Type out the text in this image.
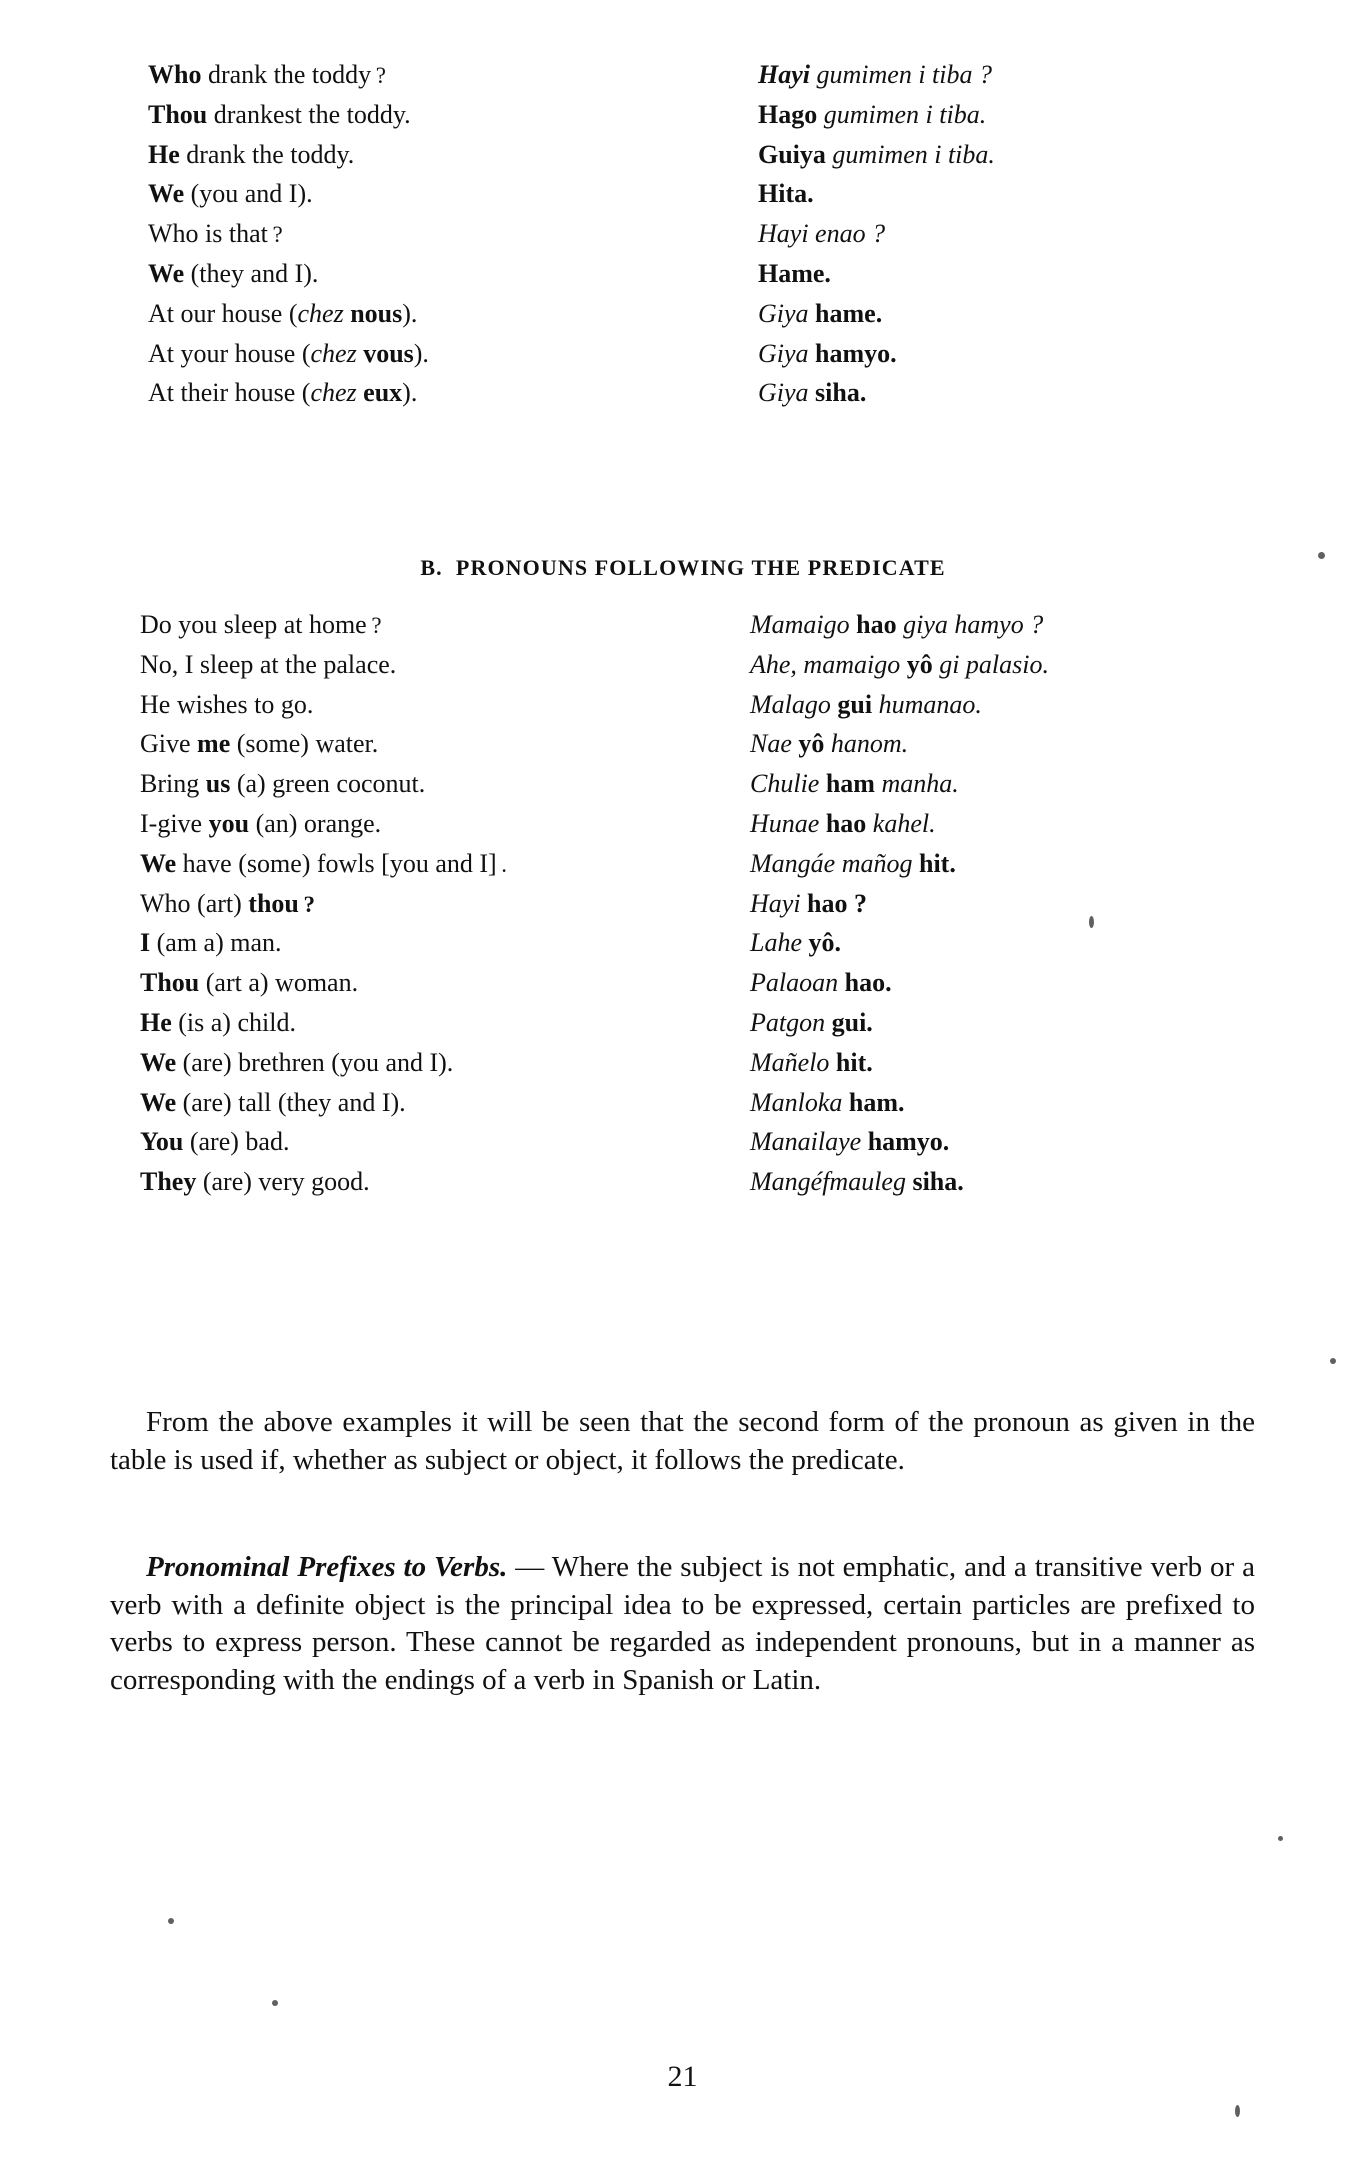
Who drank the toddy ?	Hayi gumimen i tiba ?
Thou drankest the toddy.	Hago gumimen i tiba.
He drank the toddy.	Guiya gumimen i tiba.
We (you and I).	Hita.
Who is that ?	Hayi enao ?
We (they and I).	Hame.
At our house (chez nous).	Giya hame.
At your house (chez vous).	Giya hamyo.
At their house (chez eux).	Giya siha.
B. PRONOUNS FOLLOWING THE PREDICATE
Do you sleep at home ?	Mamaigo hao giya hamyo ?
No, I sleep at the palace.	Ahe, mamaigo yô gi palasio.
He wishes to go.	Malago gui humanao.
Give me (some) water.	Nae yô hanom.
Bring us (a) green coconut.	Chulie ham manha.
I-give you (an) orange.	Hunae hao kahel.
We have (some) fowls [you and I] .	Mangáe mañog hit.
Who (art) thou ?	Hayi hao ?
I (am a) man.	Lahe yô.
Thou (art a) woman.	Palaoan hao.
He (is a) child.	Patgon gui.
We (are) brethren (you and I).	Mañelo hit.
We (are) tall (they and I).	Manloka ham.
You (are) bad.	Manailaye hamyo.
They (are) very good.	Mangéfmauleg siha.

From the above examples it will be seen that the second form of the pronoun as given in the table is used if, whether as subject or object, it follows the predicate.

Pronominal Prefixes to Verbs. — Where the subject is not emphatic, and a transitive verb or a verb with a definite object is the principal idea to be expressed, certain particles are prefixed to verbs to express person. These cannot be regarded as independent pronouns, but in a manner as corresponding with the endings of a verb in Spanish or Latin.

21
